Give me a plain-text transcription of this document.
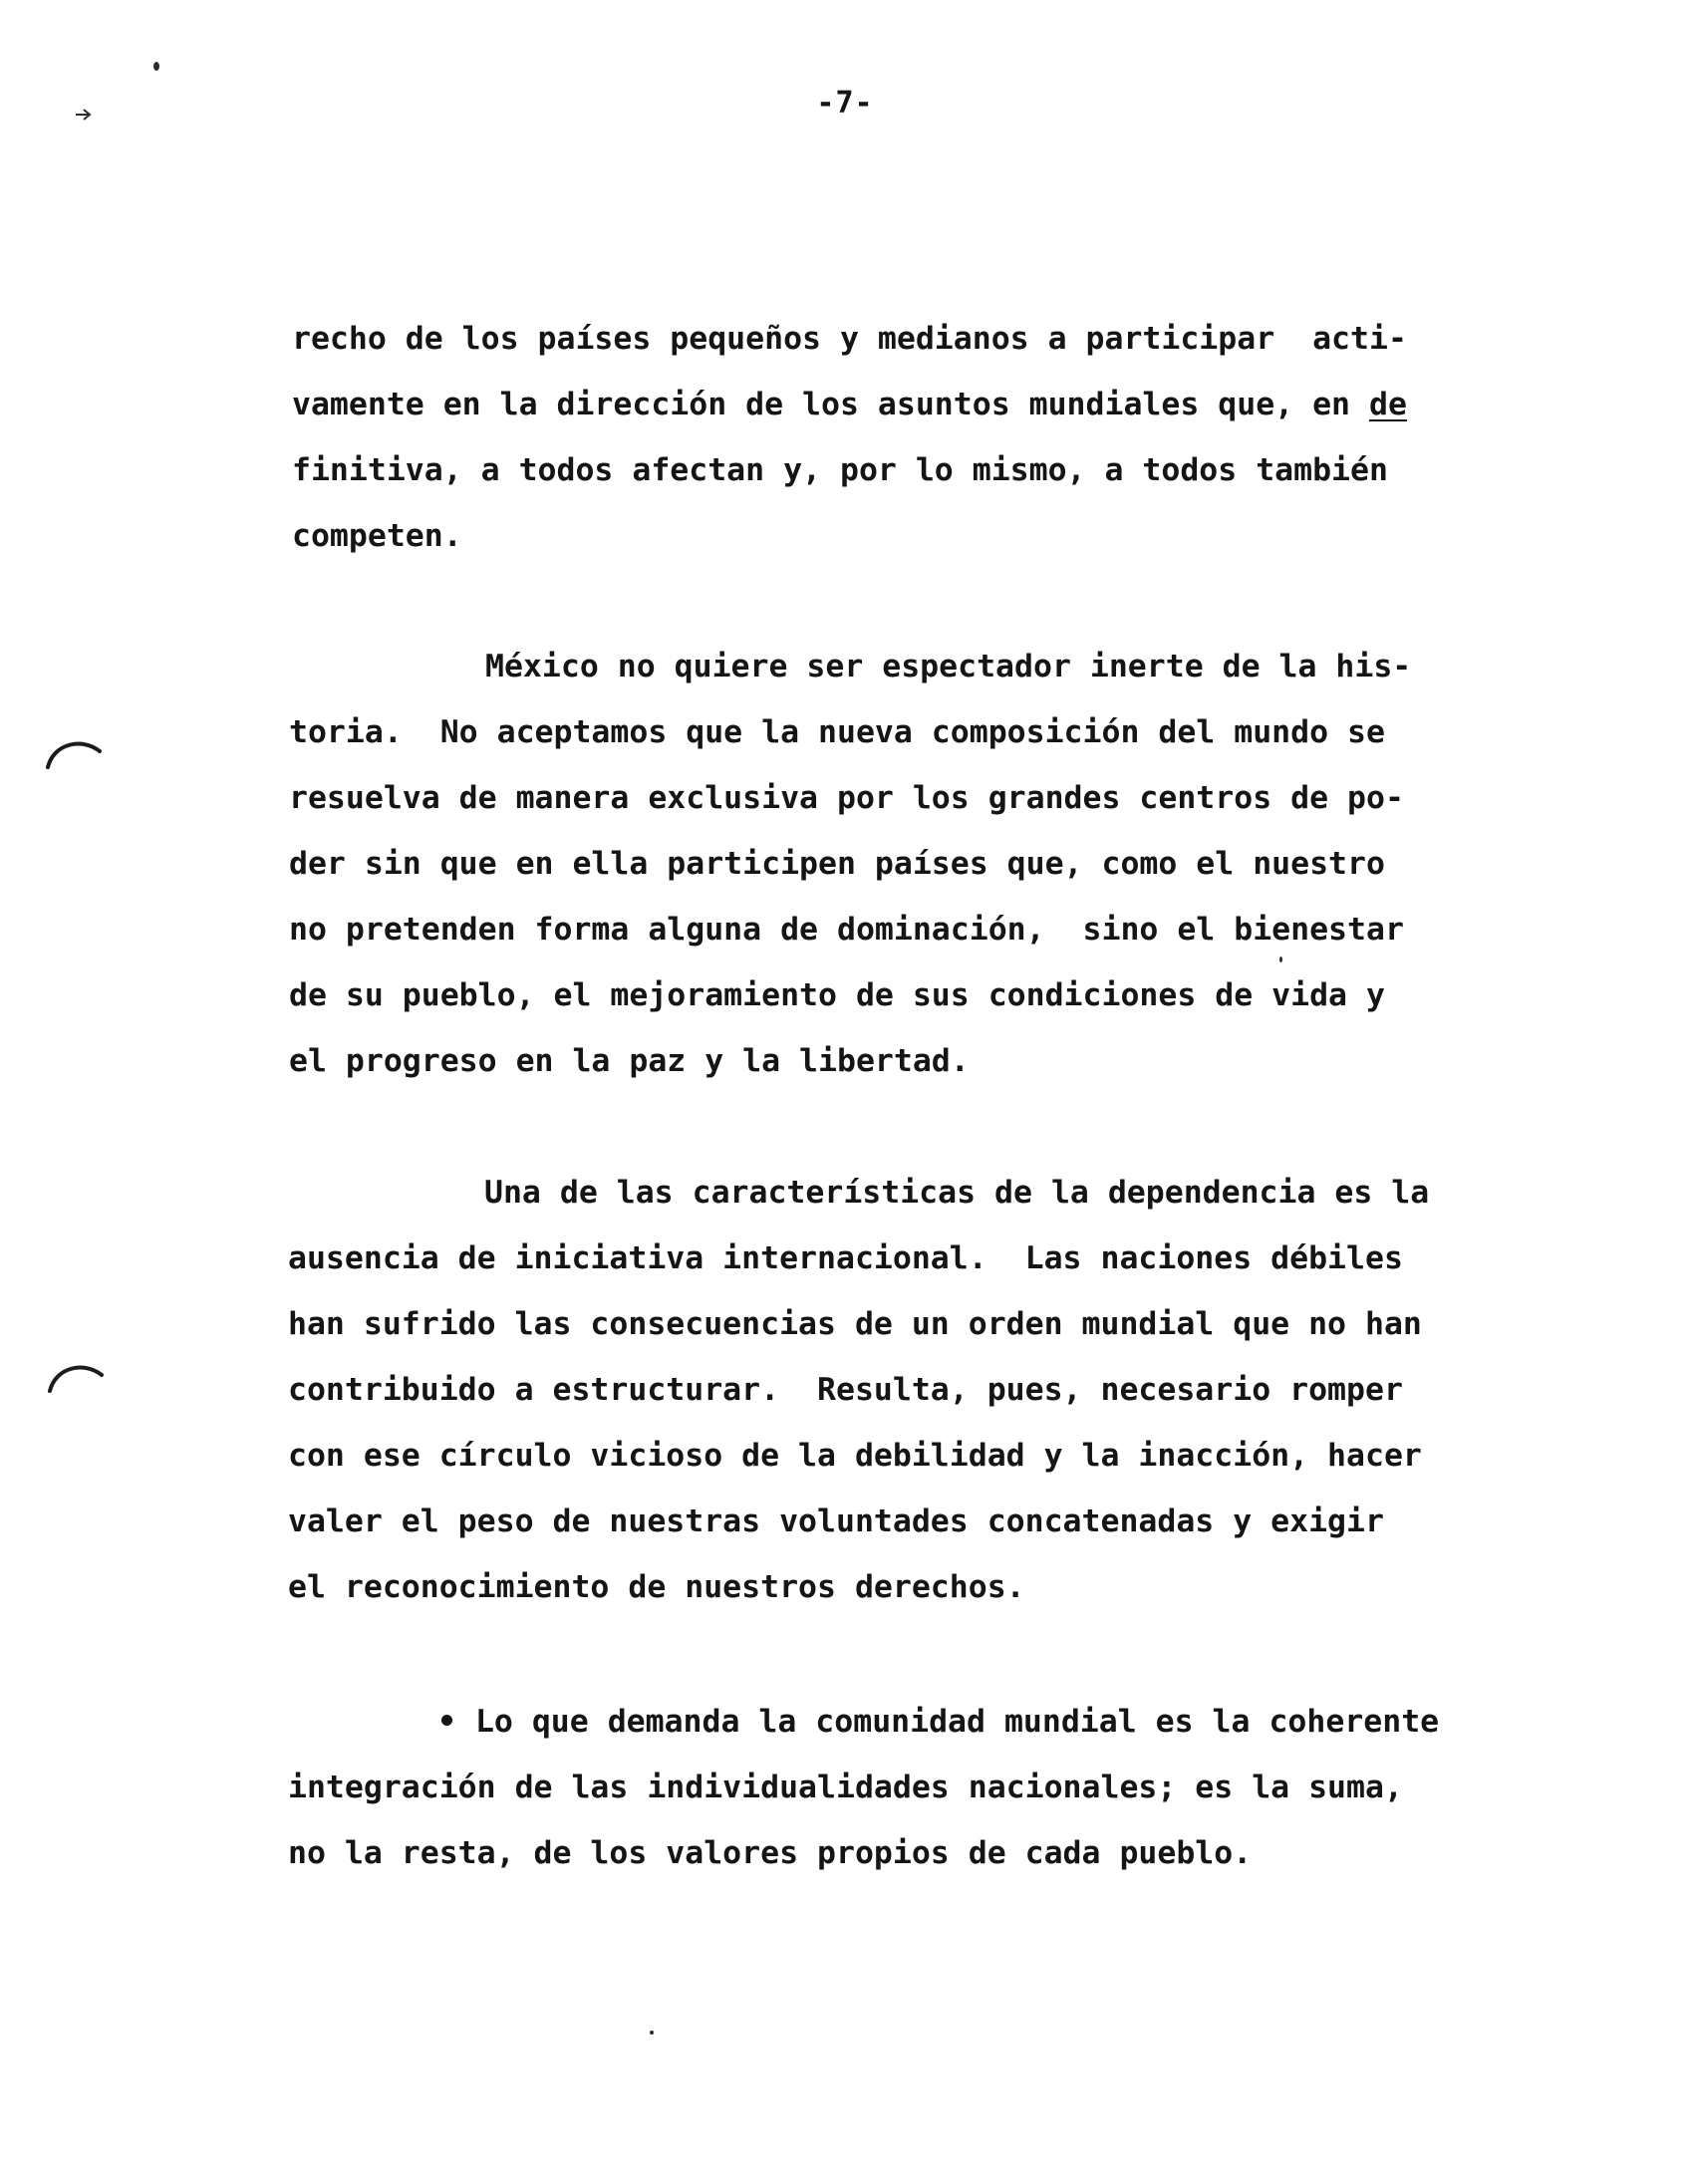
-7-
recho de los países pequeños y medianos a participar  acti-
vamente en la dirección de los asuntos mundiales que, en de
finitiva, a todos afectan y, por lo mismo, a todos también
competen.
México no quiere ser espectador inerte de la his-
toria.  No aceptamos que la nueva composición del mundo se
resuelva de manera exclusiva por los grandes centros de po-
der sin que en ella participen países que, como el nuestro
no pretenden forma alguna de dominación,  sino el bienestar
de su pueblo, el mejoramiento de sus condiciones de vida y
el progreso en la paz y la libertad.
Una de las características de la dependencia es la
ausencia de iniciativa internacional.  Las naciones débiles
han sufrido las consecuencias de un orden mundial que no han
contribuido a estructurar.  Resulta, pues, necesario romper
con ese círculo vicioso de la debilidad y la inacción, hacer
valer el peso de nuestras voluntades concatenadas y exigir
el reconocimiento de nuestros derechos.
• Lo que demanda la comunidad mundial es la coherente
integración de las individualidades nacionales; es la suma,
no la resta, de los valores propios de cada pueblo.
